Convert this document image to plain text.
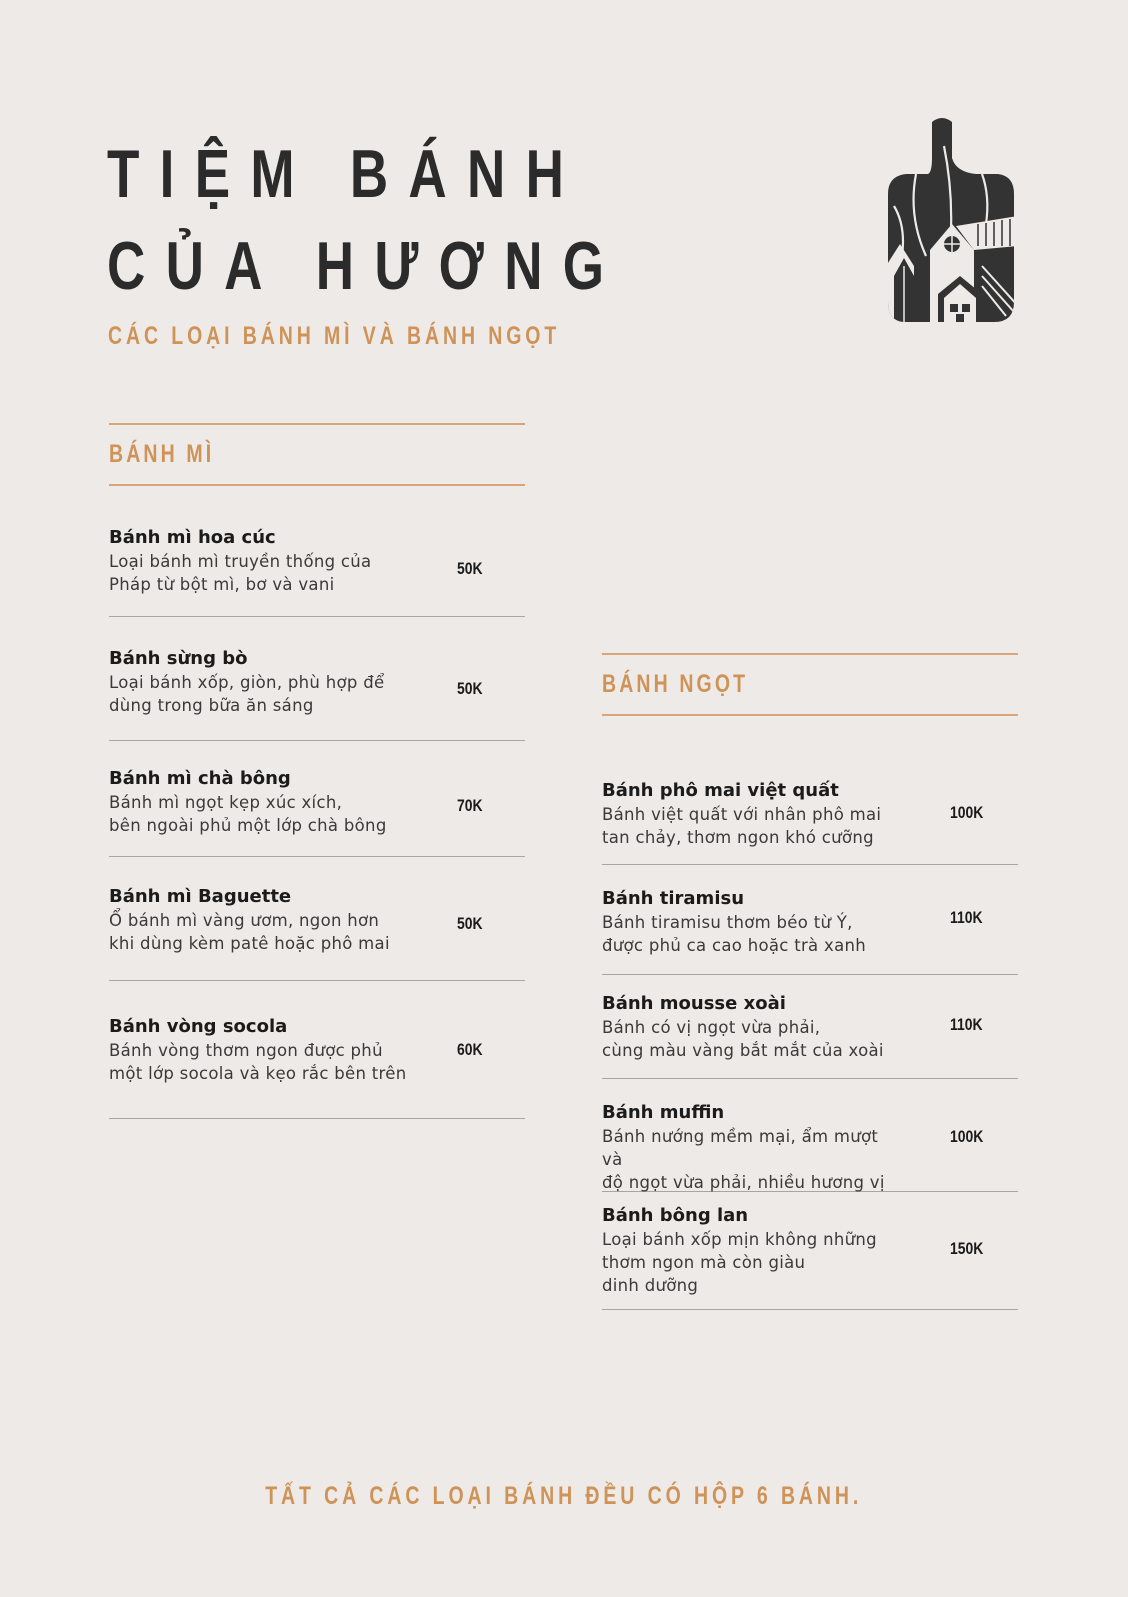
TIỆM BÁNH
CỦA HƯƠNG
CÁC LOẠI BÁNH MÌ VÀ BÁNH NGỌT
BÁNH MÌ
Bánh mì hoa cúc
Loại bánh mì truyền thống của
Pháp từ bột mì, bơ và vani
50K
Bánh sừng bò
Loại bánh xốp, giòn, phù hợp để
dùng trong bữa ăn sáng
50K
Bánh mì chà bông
Bánh mì ngọt kẹp xúc xích,
bên ngoài phủ một lớp chà bông
70K
Bánh mì Baguette
Ổ bánh mì vàng ươm, ngon hơn
khi dùng kèm patê hoặc phô mai
50K
Bánh vòng socola
Bánh vòng thơm ngon được phủ
một lớp socola và kẹo rắc bên trên
60K
BÁNH NGỌT
Bánh phô mai việt quất
Bánh việt quất với nhân phô mai
tan chảy, thơm ngon khó cưỡng
100K
Bánh tiramisu
Bánh tiramisu thơm béo từ Ý,
được phủ ca cao hoặc trà xanh
110K
Bánh mousse xoài
Bánh có vị ngọt vừa phải,
cùng màu vàng bắt mắt của xoài
110K
Bánh muffin
Bánh nướng mềm mại, ẩm mượt và
độ ngọt vừa phải, nhiều hương vị
100K
Bánh bông lan
Loại bánh xốp mịn không những
thơm ngon mà còn giàu
dinh dưỡng
150K
TẤT CẢ CÁC LOẠI BÁNH ĐỀU CÓ HỘP 6 BÁNH.
